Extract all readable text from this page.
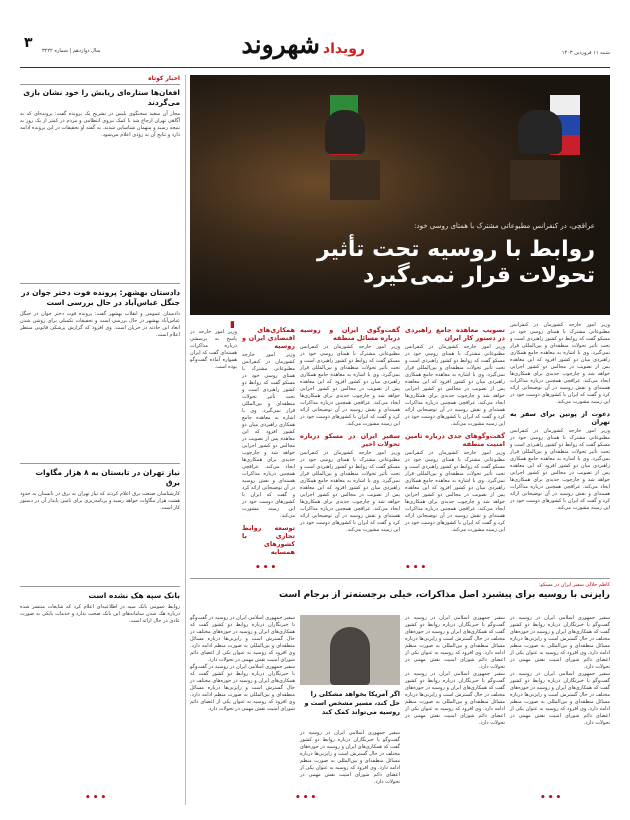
رویدادشهروند	شنبه ۱۱ فروردین ۱۴۰۳
سال دوازدهم | شماره ۳۲۲۲
۳
اخبار کوتاه
افغان‌ها ستاره‌ای ریابش را خود نشان بازی می‌گردند
مجاز آن سعید سخنگوی پلیس در تشریح یک پرونده گفت: پرونده‌ای که به آگاهی تهران ارجاع شد با کمک نیروی انتظامی و مردم در کمتر از یک روز به نتیجه رسید و متهمان شناسایی شدند. به گفته او تحقیقات در این پرونده ادامه دارد و نتایج آن به زودی اعلام می‌شود.
دادستان بهشهر: پرونده فوت دختر جوان در جنگل عباس‌آباد در حال بررسی است
دادستان عمومی و انقلاب بهشهر گفت: پرونده فوت دختر جوان در جنگل عباس‌آباد بهشهر در حال بررسی است و تحقیقات تکمیلی برای روشن شدن ابعاد این حادثه در جریان است. وی افزود که گزارش پزشکی قانونی منتظر اعلام است.
نیاز تهران در تابستان به ۸ هزار مگاوات برق
کارشناسان صنعت برق اعلام کردند که نیاز تهران به برق در تابستان به حدود هشت هزار مگاوات خواهد رسید و برنامه‌ریزی برای تامین پایدار آن در دستور کار است.
بانک سپه هک نشده است
روابط عمومی بانک سپه در اطلاعیه‌ای اعلام کرد که شایعات منتشر شده درباره هک شدن سامانه‌های این بانک صحت ندارد و خدمات بانکی به صورت عادی در حال ارائه است.
عراقچی، در کنفرانس مطبوعاتی مشترک با همتای روسی خود:
روابط با روسیه تحت تأثیر
تحولات قرار نمی‌گیرد
وزیر امور خارجه کشورمان در کنفرانس مطبوعاتی مشترک با همتای روسی خود در مسکو گفت که روابط دو کشور راهبردی است و تحت تأثیر تحولات منطقه‌ای و بین‌المللی قرار نمی‌گیرد. وی با اشاره به معاهده جامع همکاری راهبردی میان دو کشور افزود که این معاهده پس از تصویب در مجالس دو کشور اجرایی خواهد شد و چارچوب جدیدی برای همکاری‌ها ایجاد می‌کند. عراقچی همچنین درباره مذاکرات هسته‌ای و نقش روسیه در آن توضیحاتی ارائه کرد و گفت که ایران با کشورهای دوست خود در این زمینه مشورت می‌کند.
دعوت از پوتین برای سفر به تهران
وزیر امور خارجه کشورمان در کنفرانس مطبوعاتی مشترک با همتای روسی خود در مسکو گفت که روابط دو کشور راهبردی است و تحت تأثیر تحولات منطقه‌ای و بین‌المللی قرار نمی‌گیرد. وی با اشاره به معاهده جامع همکاری راهبردی میان دو کشور افزود که این معاهده پس از تصویب در مجالس دو کشور اجرایی خواهد شد و چارچوب جدیدی برای همکاری‌ها ایجاد می‌کند. عراقچی همچنین درباره مذاکرات هسته‌ای و نقش روسیه در آن توضیحاتی ارائه کرد و گفت که ایران با کشورهای دوست خود در این زمینه مشورت می‌کند.
تصویب معاهده جامع راهبردی در دستور کار ایران
وزیر امور خارجه کشورمان در کنفرانس مطبوعاتی مشترک با همتای روسی خود در مسکو گفت که روابط دو کشور راهبردی است و تحت تأثیر تحولات منطقه‌ای و بین‌المللی قرار نمی‌گیرد. وی با اشاره به معاهده جامع همکاری راهبردی میان دو کشور افزود که این معاهده پس از تصویب در مجالس دو کشور اجرایی خواهد شد و چارچوب جدیدی برای همکاری‌ها ایجاد می‌کند. عراقچی همچنین درباره مذاکرات هسته‌ای و نقش روسیه در آن توضیحاتی ارائه کرد و گفت که ایران با کشورهای دوست خود در این زمینه مشورت می‌کند.
گفت‌وگوهای جدی درباره تامین امنیت منطقه
وزیر امور خارجه کشورمان در کنفرانس مطبوعاتی مشترک با همتای روسی خود در مسکو گفت که روابط دو کشور راهبردی است و تحت تأثیر تحولات منطقه‌ای و بین‌المللی قرار نمی‌گیرد. وی با اشاره به معاهده جامع همکاری راهبردی میان دو کشور افزود که این معاهده پس از تصویب در مجالس دو کشور اجرایی خواهد شد و چارچوب جدیدی برای همکاری‌ها ایجاد می‌کند. عراقچی همچنین درباره مذاکرات هسته‌ای و نقش روسیه در آن توضیحاتی ارائه کرد و گفت که ایران با کشورهای دوست خود در این زمینه مشورت می‌کند.
گفت‌وگوی ایران و روسیه درباره مسائل منطقه
وزیر امور خارجه کشورمان در کنفرانس مطبوعاتی مشترک با همتای روسی خود در مسکو گفت که روابط دو کشور راهبردی است و تحت تأثیر تحولات منطقه‌ای و بین‌المللی قرار نمی‌گیرد. وی با اشاره به معاهده جامع همکاری راهبردی میان دو کشور افزود که این معاهده پس از تصویب در مجالس دو کشور اجرایی خواهد شد و چارچوب جدیدی برای همکاری‌ها ایجاد می‌کند. عراقچی همچنین درباره مذاکرات هسته‌ای و نقش روسیه در آن توضیحاتی ارائه کرد و گفت که ایران با کشورهای دوست خود در این زمینه مشورت می‌کند.
سفیر ایران در مسکو درباره تحولات اخیر
وزیر امور خارجه کشورمان در کنفرانس مطبوعاتی مشترک با همتای روسی خود در مسکو گفت که روابط دو کشور راهبردی است و تحت تأثیر تحولات منطقه‌ای و بین‌المللی قرار نمی‌گیرد. وی با اشاره به معاهده جامع همکاری راهبردی میان دو کشور افزود که این معاهده پس از تصویب در مجالس دو کشور اجرایی خواهد شد و چارچوب جدیدی برای همکاری‌ها ایجاد می‌کند. عراقچی همچنین درباره مذاکرات هسته‌ای و نقش روسیه در آن توضیحاتی ارائه کرد و گفت که ایران با کشورهای دوست خود در این زمینه مشورت می‌کند.
همکاری‌های اقتصادی ایران و روسیه
وزیر امور خارجه کشورمان در کنفرانس مطبوعاتی مشترک با همتای روسی خود در مسکو گفت که روابط دو کشور راهبردی است و تحت تأثیر تحولات منطقه‌ای و بین‌المللی قرار نمی‌گیرد. وی با اشاره به معاهده جامع همکاری راهبردی میان دو کشور افزود که این معاهده پس از تصویب در مجالس دو کشور اجرایی خواهد شد و چارچوب جدیدی برای همکاری‌ها ایجاد می‌کند. عراقچی همچنین درباره مذاکرات هسته‌ای و نقش روسیه در آن توضیحاتی ارائه کرد و گفت که ایران با کشورهای دوست خود در این زمینه مشورت می‌کند.
توسعه روابط تجاری با کشورهای همسایه
▮
وزیر امور خارجه در پاسخ به پرسشی درباره مذاکرات هسته‌ای گفت که ایران همواره آماده گفت‌وگو بوده است.
•••
•••
کاظم جلالی سفیر ایران در مسکو:
رایزنی با روسیه برای پیشبرد اصل مذاکرات، خیلی برجسته‌تر از برجام است
سفیر جمهوری اسلامی ایران در روسیه در گفت‌وگو با خبرنگاران درباره روابط دو کشور گفت که همکاری‌های ایران و روسیه در حوزه‌های مختلف در حال گسترش است و رایزنی‌ها درباره مسائل منطقه‌ای و بین‌المللی به صورت منظم ادامه دارد. وی افزود که روسیه به عنوان یکی از اعضای دائم شورای امنیت نقش مهمی در تحولات دارد.
سفیر جمهوری اسلامی ایران در روسیه در گفت‌وگو با خبرنگاران درباره روابط دو کشور گفت که همکاری‌های ایران و روسیه در حوزه‌های مختلف در حال گسترش است و رایزنی‌ها درباره مسائل منطقه‌ای و بین‌المللی به صورت منظم ادامه دارد. وی افزود که روسیه به عنوان یکی از اعضای دائم شورای امنیت نقش مهمی در تحولات دارد.
سفیر جمهوری اسلامی ایران در روسیه در گفت‌وگو با خبرنگاران درباره روابط دو کشور گفت که همکاری‌های ایران و روسیه در حوزه‌های مختلف در حال گسترش است و رایزنی‌ها درباره مسائل منطقه‌ای و بین‌المللی به صورت منظم ادامه دارد. وی افزود که روسیه به عنوان یکی از اعضای دائم شورای امنیت نقش مهمی در تحولات دارد.
سفیر جمهوری اسلامی ایران در روسیه در گفت‌وگو با خبرنگاران درباره روابط دو کشور گفت که همکاری‌های ایران و روسیه در حوزه‌های مختلف در حال گسترش است و رایزنی‌ها درباره مسائل منطقه‌ای و بین‌المللی به صورت منظم ادامه دارد. وی افزود که روسیه به عنوان یکی از اعضای دائم شورای امنیت نقش مهمی در تحولات دارد.
اگر آمریکا بخواهد مشکلی را حل کند، مسیر مشخص است و روسیه می‌تواند کمک کند
سفیر جمهوری اسلامی ایران در روسیه در گفت‌وگو با خبرنگاران درباره روابط دو کشور گفت که همکاری‌های ایران و روسیه در حوزه‌های مختلف در حال گسترش است و رایزنی‌ها درباره مسائل منطقه‌ای و بین‌المللی به صورت منظم ادامه دارد. وی افزود که روسیه به عنوان یکی از اعضای دائم شورای امنیت نقش مهمی در تحولات دارد.
سفیر جمهوری اسلامی ایران در روسیه در گفت‌وگو با خبرنگاران درباره روابط دو کشور گفت که همکاری‌های ایران و روسیه در حوزه‌های مختلف در حال گسترش است و رایزنی‌ها درباره مسائل منطقه‌ای و بین‌المللی به صورت منظم ادامه دارد. وی افزود که روسیه به عنوان یکی از اعضای دائم شورای امنیت نقش مهمی در تحولات دارد.
سفیر جمهوری اسلامی ایران در روسیه در گفت‌وگو با خبرنگاران درباره روابط دو کشور گفت که همکاری‌های ایران و روسیه در حوزه‌های مختلف در حال گسترش است و رایزنی‌ها درباره مسائل منطقه‌ای و بین‌المللی به صورت منظم ادامه دارد. وی افزود که روسیه به عنوان یکی از اعضای دائم شورای امنیت نقش مهمی در تحولات دارد.
•••	•••
•••
